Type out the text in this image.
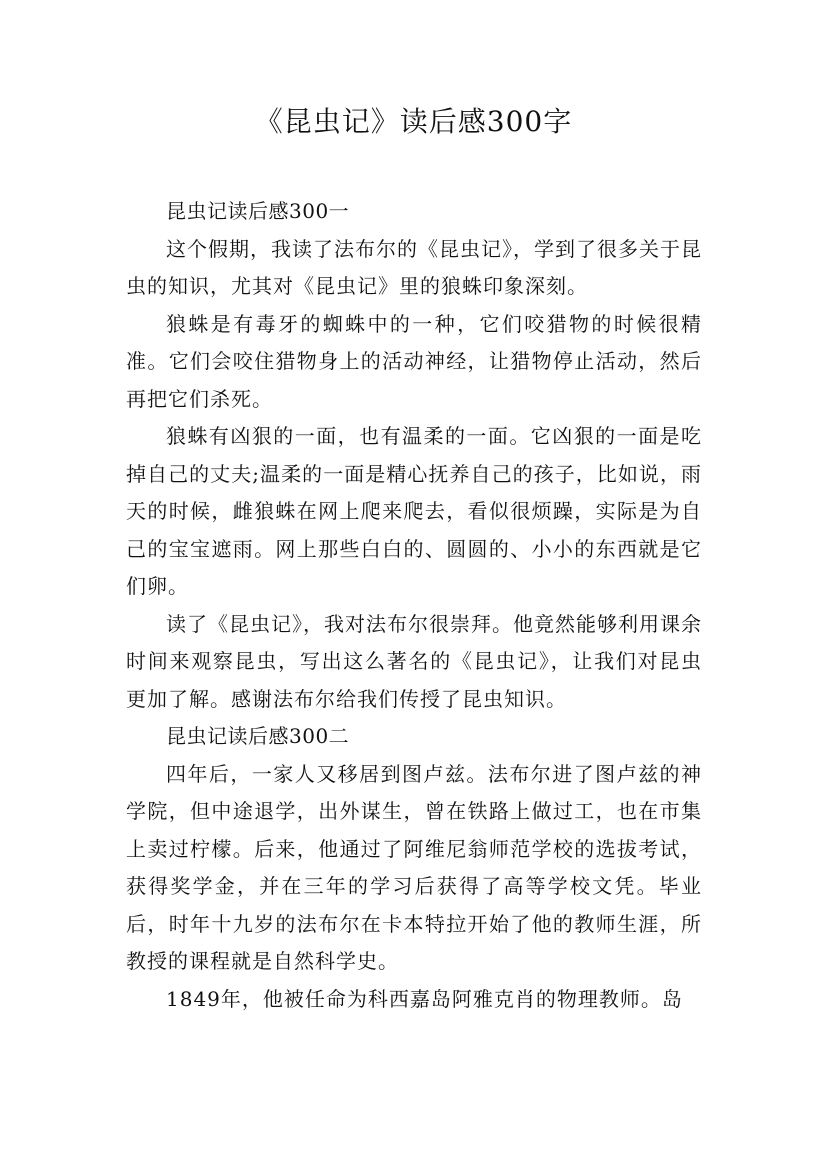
《昆虫记》读后感300字

昆虫记读后感300一

这个假期，我读了法布尔的《昆虫记》，学到了很多关于昆虫的知识，尤其对《昆虫记》里的狼蛛印象深刻。

狼蛛是有毒牙的蜘蛛中的一种，它们咬猎物的时候很精准。它们会咬住猎物身上的活动神经，让猎物停止活动，然后再把它们杀死。

狼蛛有凶狠的一面，也有温柔的一面。它凶狠的一面是吃掉自己的丈夫;温柔的一面是精心抚养自己的孩子，比如说，雨天的时候，雌狼蛛在网上爬来爬去，看似很烦躁，实际是为自己的宝宝遮雨。网上那些白白的、圆圆的、小小的东西就是它们卵。

读了《昆虫记》，我对法布尔很崇拜。他竟然能够利用课余时间来观察昆虫，写出这么著名的《昆虫记》，让我们对昆虫更加了解。感谢法布尔给我们传授了昆虫知识。

昆虫记读后感300二

四年后，一家人又移居到图卢兹。法布尔进了图卢兹的神学院，但中途退学，出外谋生，曾在铁路上做过工，也在市集上卖过柠檬。后来，他通过了阿维尼翁师范学校的选拔考试，获得奖学金，并在三年的学习后获得了高等学校文凭。毕业后，时年十九岁的法布尔在卡本特拉开始了他的教师生涯，所教授的课程就是自然科学史。

1849年，他被任命为科西嘉岛阿雅克肖的物理教师。岛
